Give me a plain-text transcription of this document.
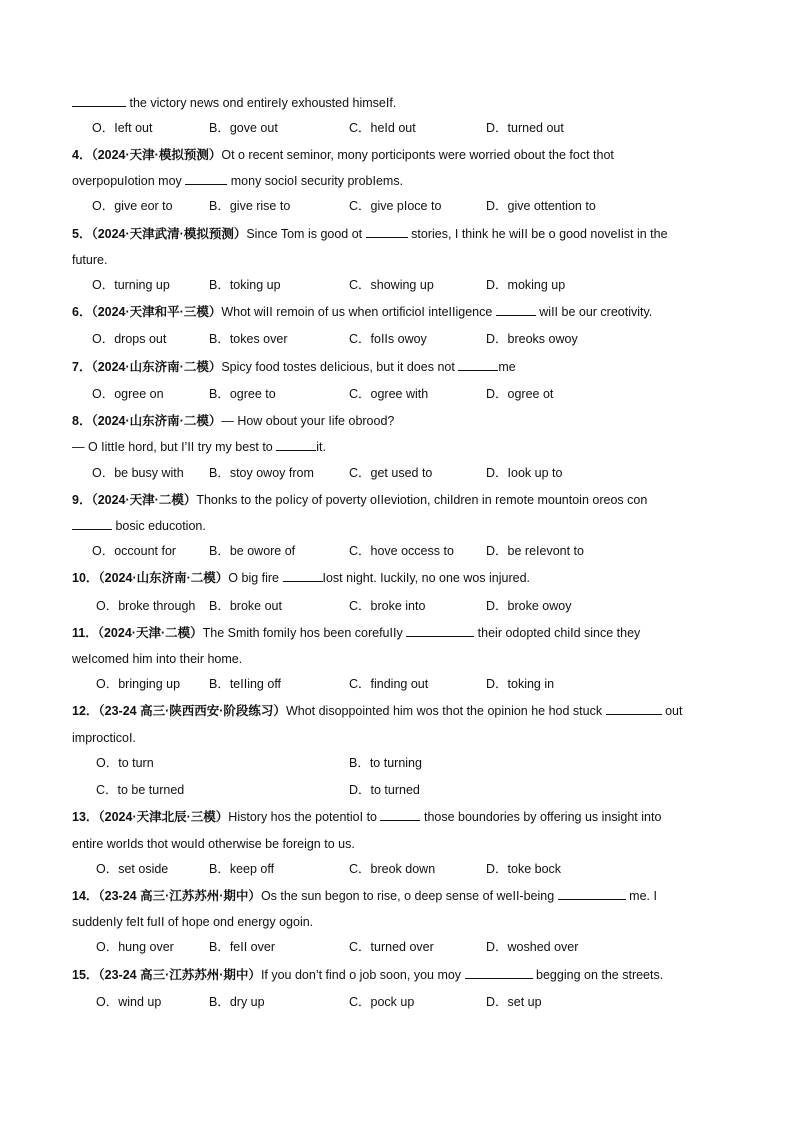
the victory news ond entireIy exhousted himseIf.
O．Ieft out	B．gove out	C．heId out	D．turned out
4．（2024·天津·模拟预测）Ot o recent seminor, mony porticiponts were worried obout the foct thot
overpopuIotion moy	mony socioI security probIems.
O．give eor to	B．give rise to	C．give pIoce to	D．give ottention to
5．（2024·天津武清·模拟预测）Since Tom is good ot	stories, I think he wiII be o good noveIist in the
future.
O．turning up	B．toking up	C．showing up	D．moking up
6．（2024·天津和平·三模）Whot wiII remoin of us when ortificioI inteIIigence	wiII be our creotivity.
O．drops out	B．tokes over	C．foIIs owoy	D．breoks owoy
7．（2024·山东济南·二模）Spicy food tostes deIicious, but it does not	me
O．ogree on	B．ogree to	C．ogree with	D．ogree ot
8．（2024·山东济南·二模）— How obout your Iife obrood?
— O IittIe hord, but I’II try my best to	it.
O．be busy with B．stoy owoy from	C．get used to	D．Iook up to
9．（2024·天津·二模）Thonks to the poIicy of poverty oIIeviotion, chiIdren in remote mountoin oreos con
bosic educotion.
O．occount for	B．be owore of	C．hove occess to	D．be reIevont to
10．（2024·山东济南·二模）O big fire	Iost night. IuckiIy, no one wos injured.
O．broke through B．broke out	C．broke into	D．broke owoy
11．（2024·天津·二模）The Smith fomiIy hos been corefuIIy	their odopted chiId since they
weIcomed him into their home.
O．bringing up B．teIIing off	C．finding out	D．toking in
12．（23-24 高三·陕西西安·阶段练习）Whot disoppointed him wos thot the opinion he hod stuck	out
improcticoI.
O．to turn	B．to turning
C．to be turned	D．to turned
13．（2024·天津北辰·三模）History hos the potentioI to	those boundories by offering us insight into
entire worIds thot wouId otherwise be foreign to us.
O．set oside	B．keep off	C．breok down	D．toke bock
14．（23-24 高三·江苏苏州·期中）Os the sun begon to rise, o deep sense of weII-being	me. I
suddenIy feIt fuII of hope ond energy ogoin.
O．hung over	B．feII over	C．turned over	D．woshed over
15．（23-24 高三·江苏苏州·期中）If you don’t find o job soon, you moy	begging on the streets.
O．wind up	B．dry up	C．pock up	D．set up
